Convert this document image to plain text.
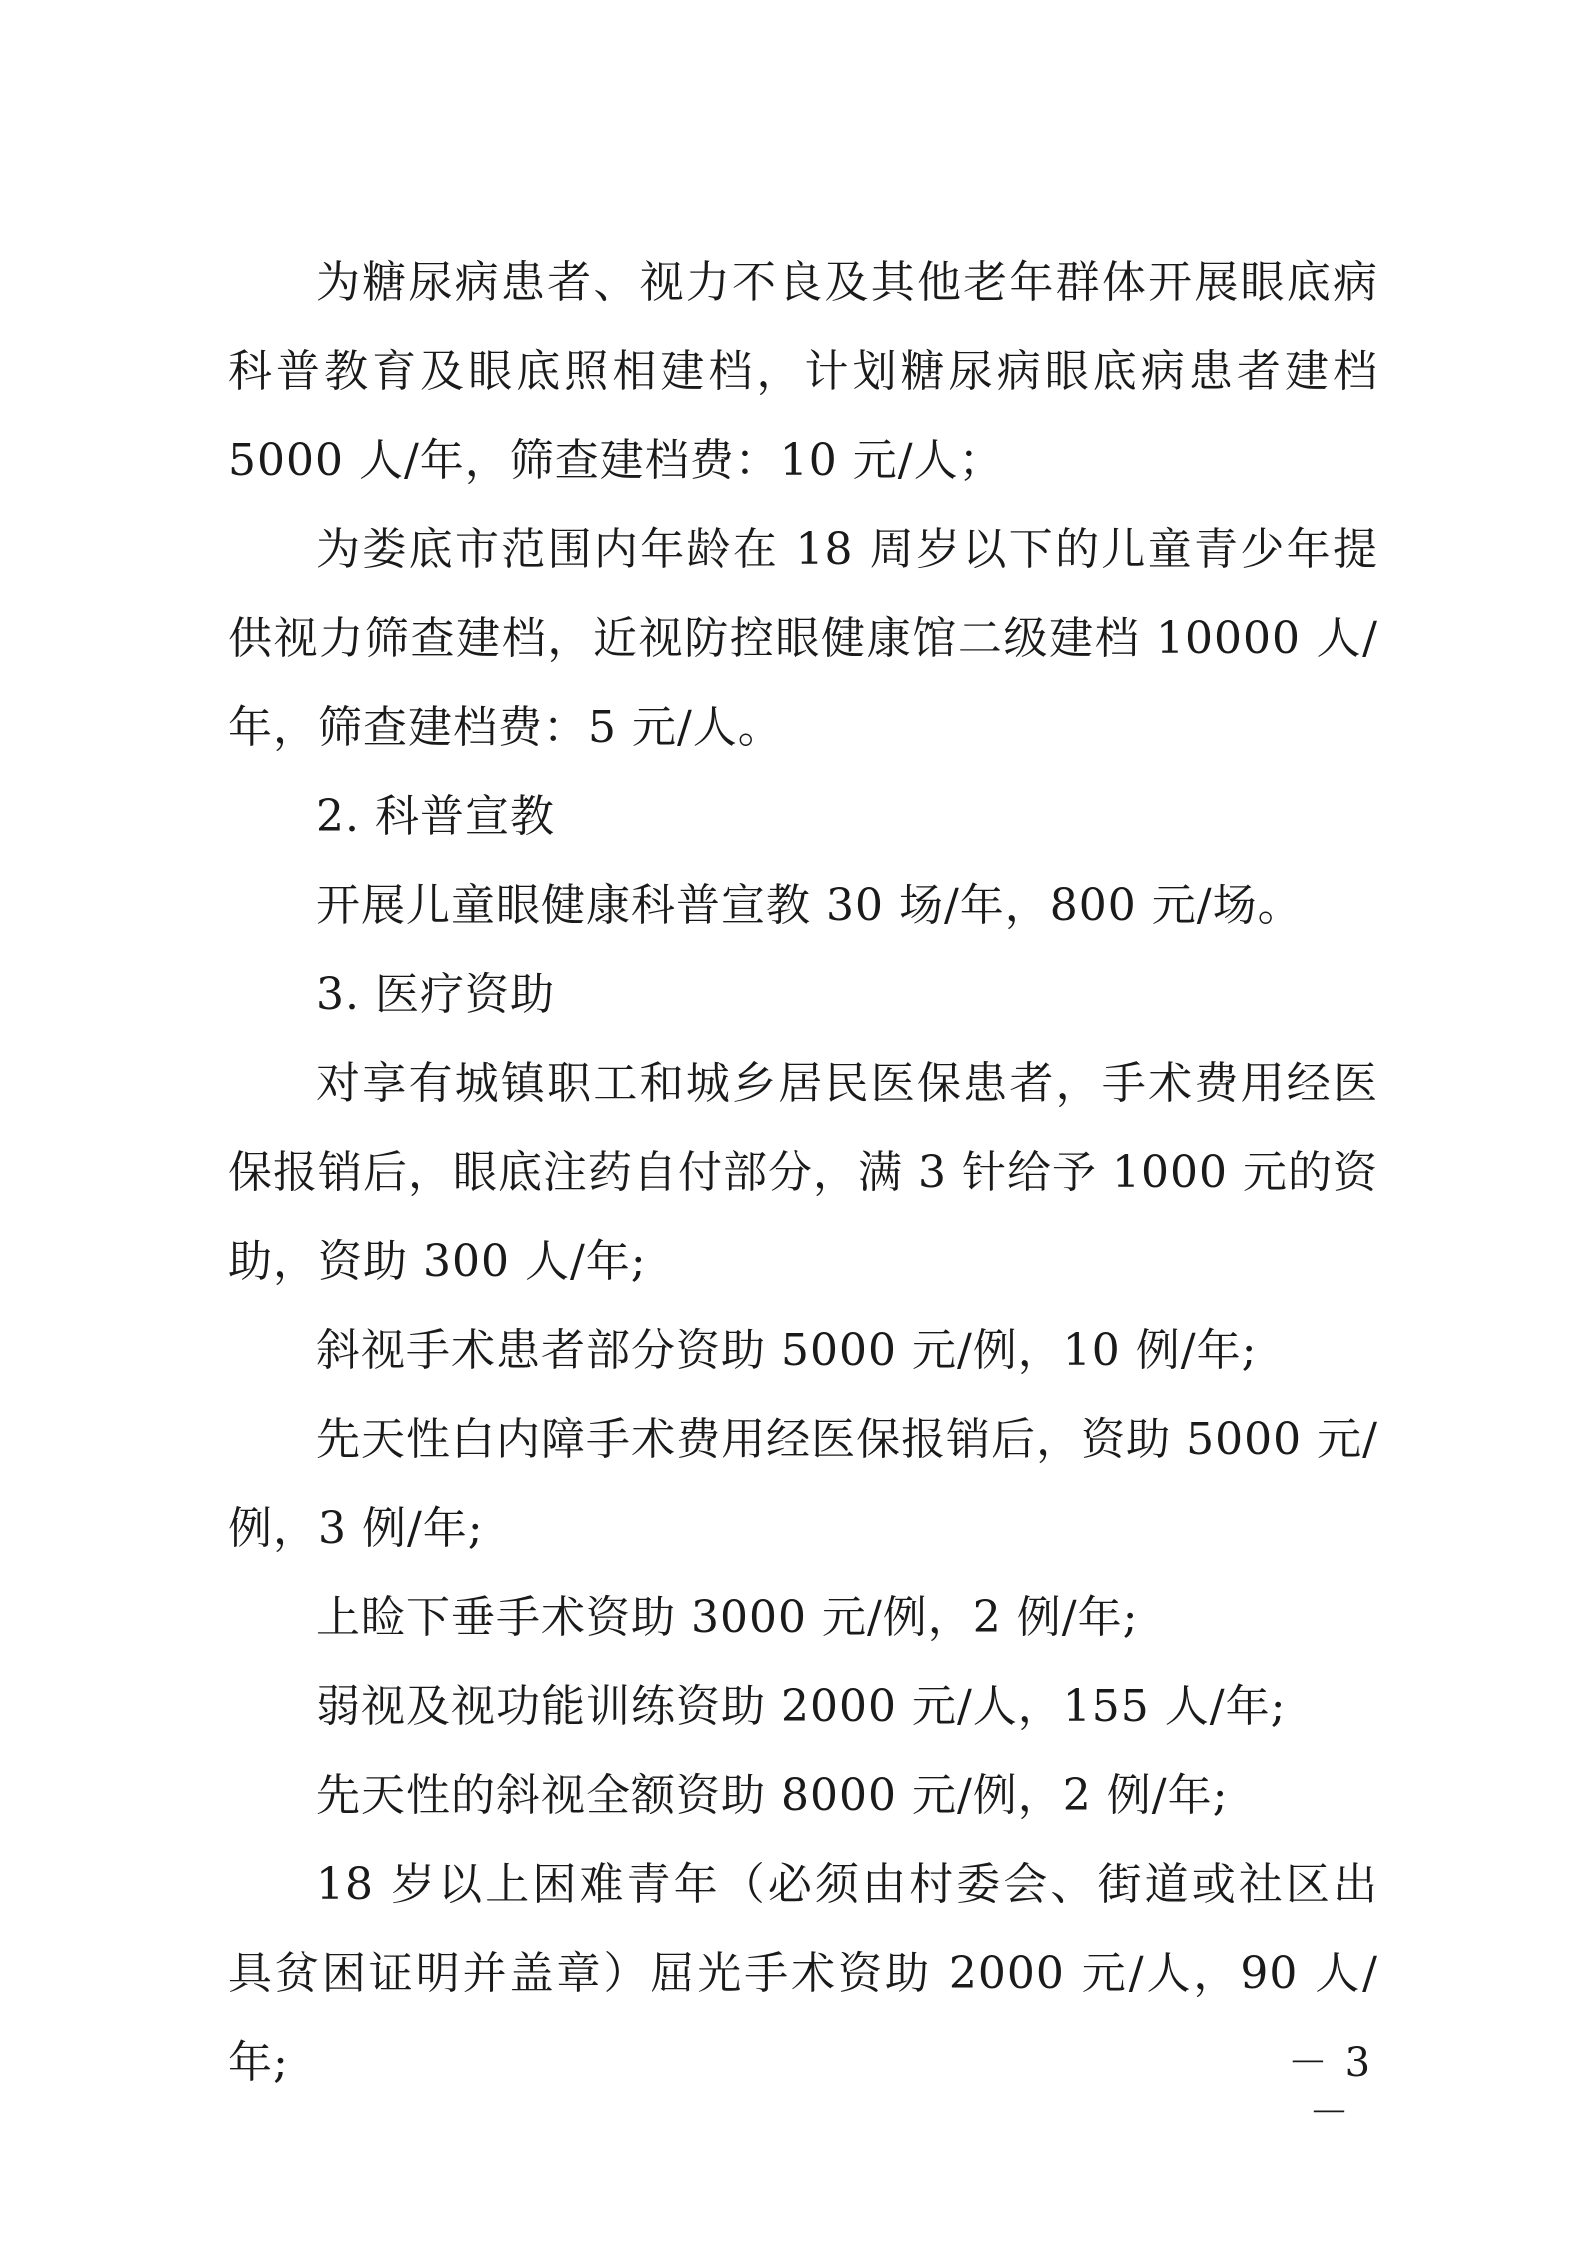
为糖尿病患者、视力不良及其他老年群体开展眼底病科普教育及眼底照相建档，计划糖尿病眼底病患者建档 5000 人/年，筛查建档费：10 元/人；

为娄底市范围内年龄在 18 周岁以下的儿童青少年提供视力筛查建档，近视防控眼健康馆二级建档 10000 人/年，筛查建档费：5 元/人。

2. 科普宣教

开展儿童眼健康科普宣教 30 场/年，800 元/场。

3. 医疗资助

对享有城镇职工和城乡居民医保患者，手术费用经医保报销后，眼底注药自付部分，满 3 针给予 1000 元的资助，资助 300 人/年;

斜视手术患者部分资助 5000 元/例，10 例/年;

先天性白内障手术费用经医保报销后，资助 5000 元/例，3 例/年;

上睑下垂手术资助 3000 元/例，2 例/年;

弱视及视功能训练资助 2000 元/人，155 人/年;

先天性的斜视全额资助 8000 元/例，2 例/年;

18 岁以上困难青年（必须由村委会、街道或社区出具贫困证明并盖章）屈光手术资助 2000 元/人，90 人/年;	－ 3 －
